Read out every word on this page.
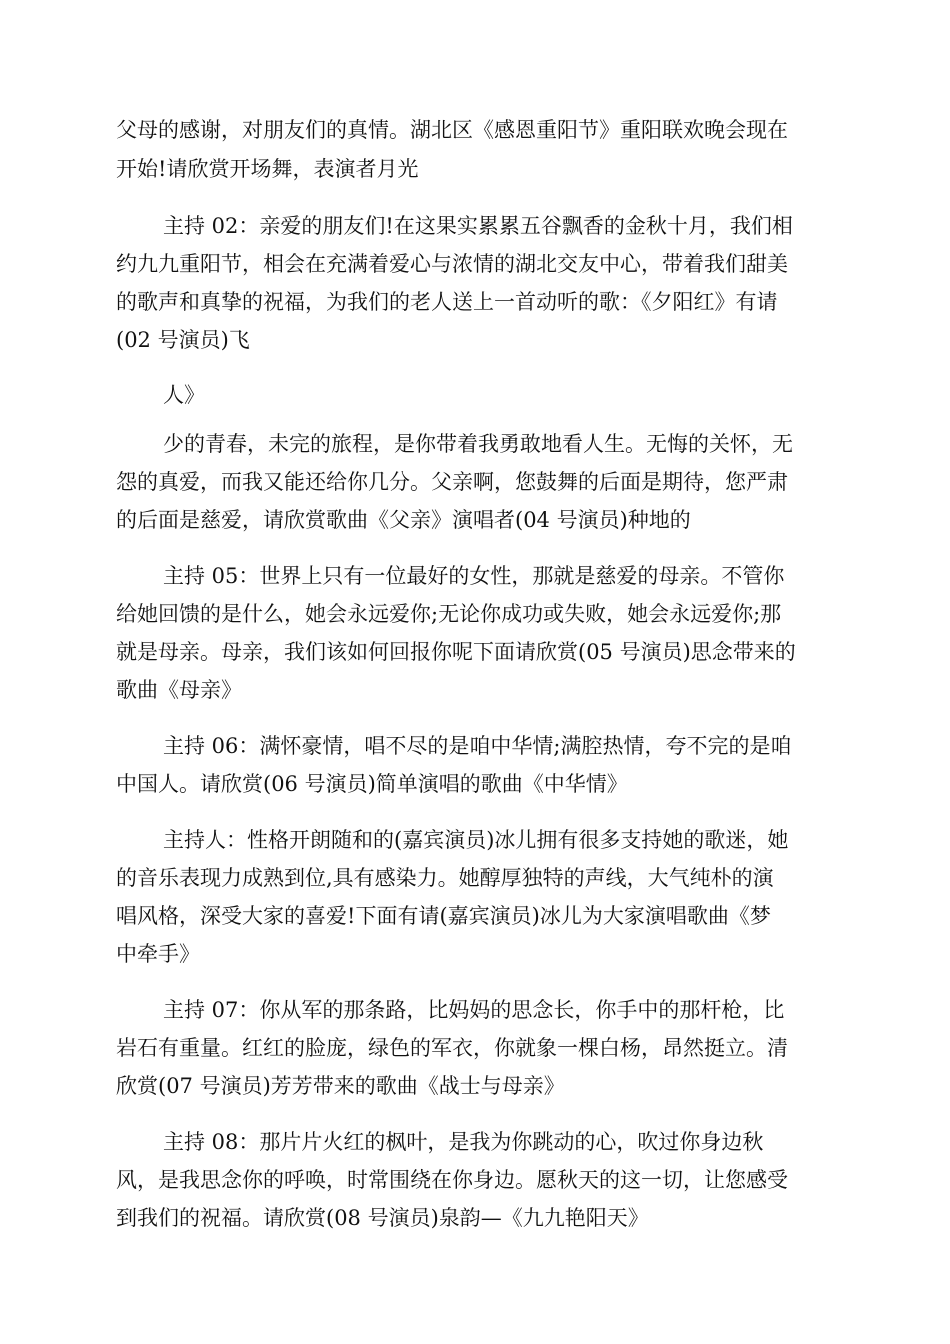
父母的感谢，对朋友们的真情。湖北区《感恩重阳节》重阳联欢晚会现在

开始!请欣赏开场舞，表演者月光

主持 02：亲爱的朋友们!在这果实累累五谷飘香的金秋十月，我们相

约九九重阳节，相会在充满着爱心与浓情的湖北交友中心，带着我们甜美

的歌声和真挚的祝福，为我们的老人送上一首动听的歌：《夕阳红》有请

(02 号演员)飞

人》

少的青春，未完的旅程，是你带着我勇敢地看人生。无悔的关怀，无

怨的真爱，而我又能还给你几分。父亲啊，您鼓舞的后面是期待，您严肃

的后面是慈爱，请欣赏歌曲《父亲》演唱者(04 号演员)种地的

主持 05：世界上只有一位最好的女性，那就是慈爱的母亲。不管你

给她回馈的是什么，她会永远爱你;无论你成功或失败，她会永远爱你;那

就是母亲。母亲，我们该如何回报你呢下面请欣赏(05 号演员)思念带来的

歌曲《母亲》

主持 06：满怀豪情，唱不尽的是咱中华情;满腔热情，夸不完的是咱

中国人。请欣赏(06 号演员)简单演唱的歌曲《中华情》

主持人：性格开朗随和的(嘉宾演员)冰儿拥有很多支持她的歌迷，她

的音乐表现力成熟到位,具有感染力。她醇厚独特的声线，大气纯朴的演

唱风格，深受大家的喜爱!下面有请(嘉宾演员)冰儿为大家演唱歌曲《梦

中牵手》

主持 07：你从军的那条路，比妈妈的思念长，你手中的那杆枪，比

岩石有重量。红红的脸庞，绿色的军衣，你就象一棵白杨，昂然挺立。清

欣赏(07 号演员)芳芳带来的歌曲《战士与母亲》

主持 08：那片片火红的枫叶，是我为你跳动的心，吹过你身边秋

风，是我思念你的呼唤，时常围绕在你身边。愿秋天的这一切，让您感受

到我们的祝福。请欣赏(08 号演员)泉韵—《九九艳阳天》
